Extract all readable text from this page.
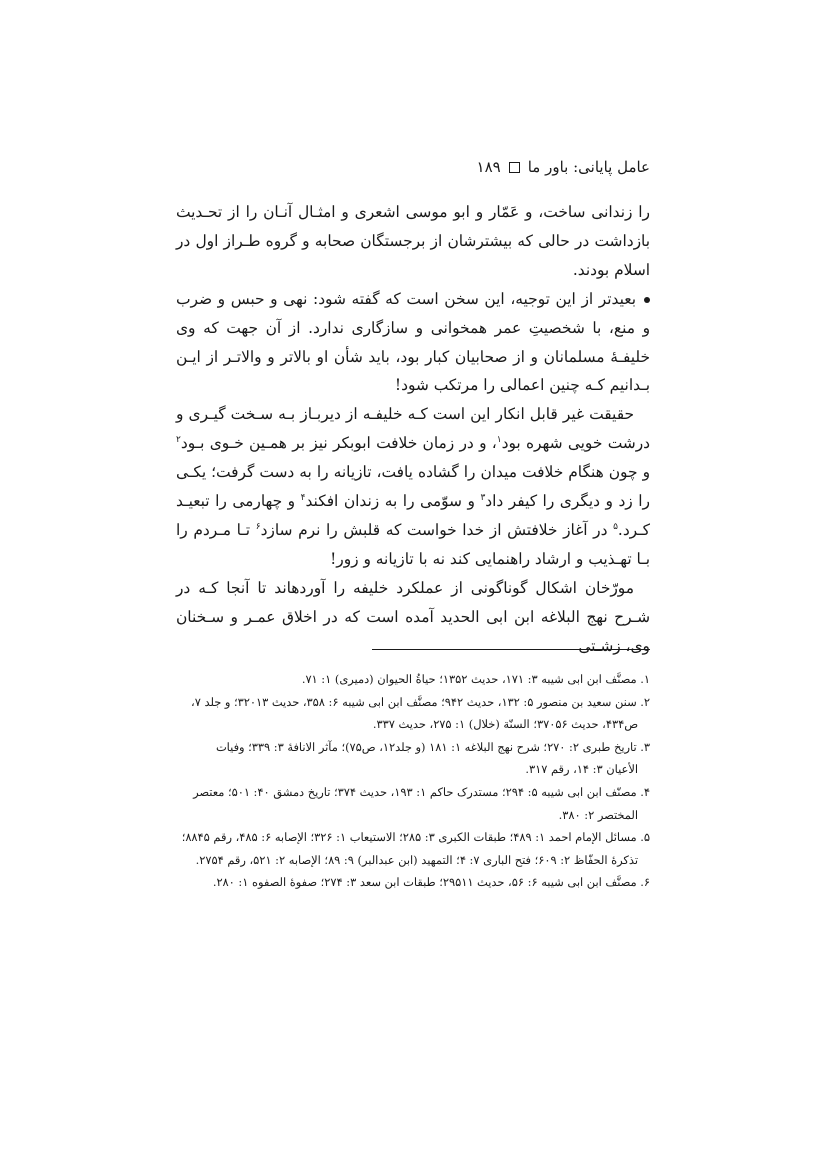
عامل پایانی: باور ما
۱۸۹

را زندانی ساخت، و عَمّار و ابو موسی اشعری و امثـال آنـان را از تحـدیث بازداشت در حالی که بیشترشان از برجستگان صحابه و گروه طـراز اول در اسلام بودند.

بعیدتر از این توجیه، این سخن است که گفته شود: نهی و حبس و ضرب و منع، با شخصیتِ عمر همخوانی و سازگاری ندارد. از آن جهت که وی خلیفـهٔ مسلمانان و از صحابیان کبار بود، باید شأن او بالاتر و والاتـر از ایـن بـدانیم کـه چنین اعمالی را مرتکب شود!

حقیقت غیر قابل انکار این است کـه خلیفـه از دیربـاز بـه سـخت گیـری و درشت خویی شهره بود$^۱$، و در زمان خلافت ابوبکر نیز بر همـین خـوی بـود$^۲$ و چون هنگام خلافت میدان را گشاده یافت، تازیانه را به دست گرفت؛ یکـی را زد و دیگری را کیفر داد$^۳$ و سوّمی را به زندان افکند$^۴$ و چهارمی را تبعیـد کـرد.$^۵$ در آغاز خلافتش از خدا خواست که قلبش را نرم سازد$^۶$ تـا مـردم را بـا تهـذیب و ارشاد راهنمایی کند نه با تازیانه و زور!

مورّخان اشکال گوناگونی از عملکرد خلیفه را آوردهاند تا آنجا کـه در شـرح نهج البلاغه ابن ابی الحدید آمده است که در اخلاق عمـر و سـخنان وی، زشـتی

۱. مصنَّف ابن ابی شیبه ۳: ۱۷۱، حدیث ۱۳۵۲؛ حیاةُ الحیوان (دمیری) ۱: ۷۱.

۲. سنن سعید بن منصور ۵: ۱۳۲، حدیث ۹۴۲؛ مصنَّف ابن ابی شیبه ۶: ۳۵۸، حدیث ۳۲۰۱۳؛ و جلد ۷،
ص۴۳۴، حدیث ۳۷۰۵۶؛ السنّة (خلال) ۱: ۲۷۵، حدیث ۳۳۷.

۳. تاریخ طبری ۲: ۲۷۰؛ شرح نهج البلاغه ۱: ۱۸۱ (و جلد۱۲، ص۷۵)؛ مآثر الانافهٔ ۳: ۳۳۹؛ وفیات
الأعیان ۳: ۱۴، رقم ۳۱۷.

۴. مصنّف ابن ابی شیبه ۵: ۲۹۴؛ مستدرک حاکم ۱: ۱۹۳، حدیث ۳۷۴؛ تاریخ دمشق ۴۰: ۵۰۱؛ معتصر
المختصر ۲: ۳۸۰.

۵. مسائل الإمام احمد ۱: ۴۸۹؛ طبقات الکبری ۳: ۲۸۵؛ الاستیعاب ۱: ۳۲۶؛ الإصابه ۶: ۴۸۵، رقم ۸۸۴۵؛
تذکرهٔ الحفّاظ ۲: ۶۰۹؛ فتح الباری ۷: ۴؛ التمهید (ابن عبدالبر) ۹: ۸۹؛ الإصابه ۲: ۵۲۱، رقم ۲۷۵۴.

۶. مصنَّف ابن ابی شیبه ۶: ۵۶، حدیث ۲۹۵۱۱؛ طبقات ابن سعد ۳: ۲۷۴؛ صفوهٔ الصفوه ۱: ۲۸۰.
